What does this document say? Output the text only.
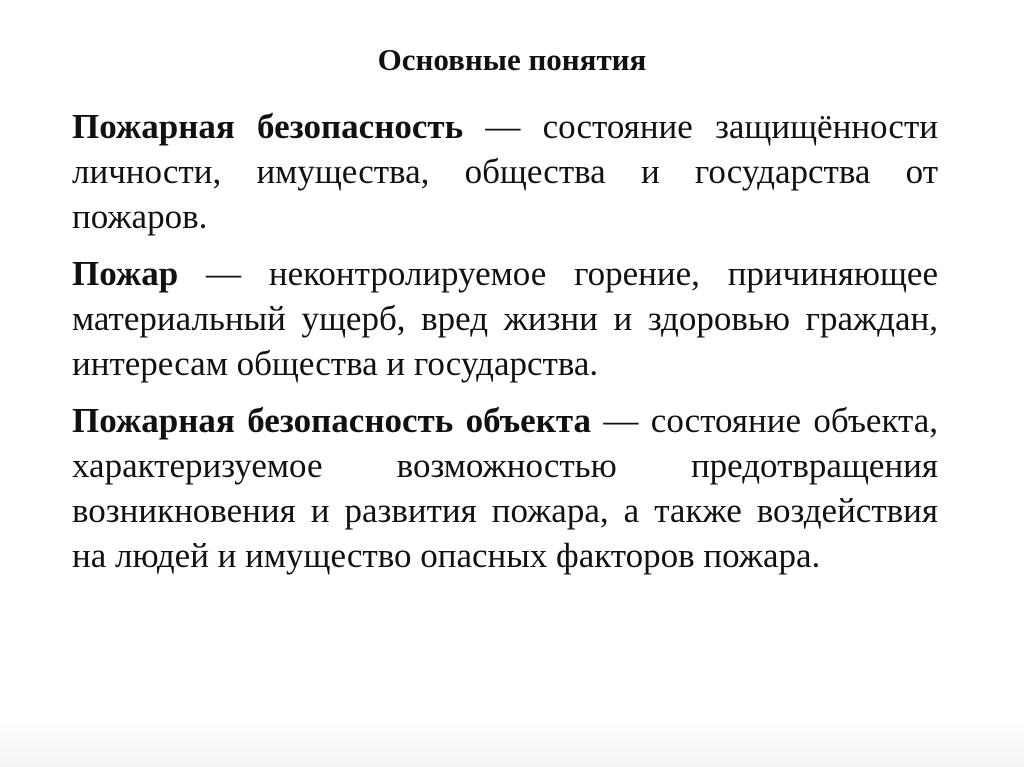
Основные понятия

Пожарная безопасность — состояние защищённости личности, имущества, общества и государства от пожаров.

Пожар — неконтролируемое горение, причиняющее материальный ущерб, вред жизни и здоровью граждан, интересам общества и государства.

Пожарная безопасность объекта — состояние объекта, характеризуемое возможностью предотвращения возникновения и развития пожара, а также воздействия на людей и имущество опасных факторов пожара.
